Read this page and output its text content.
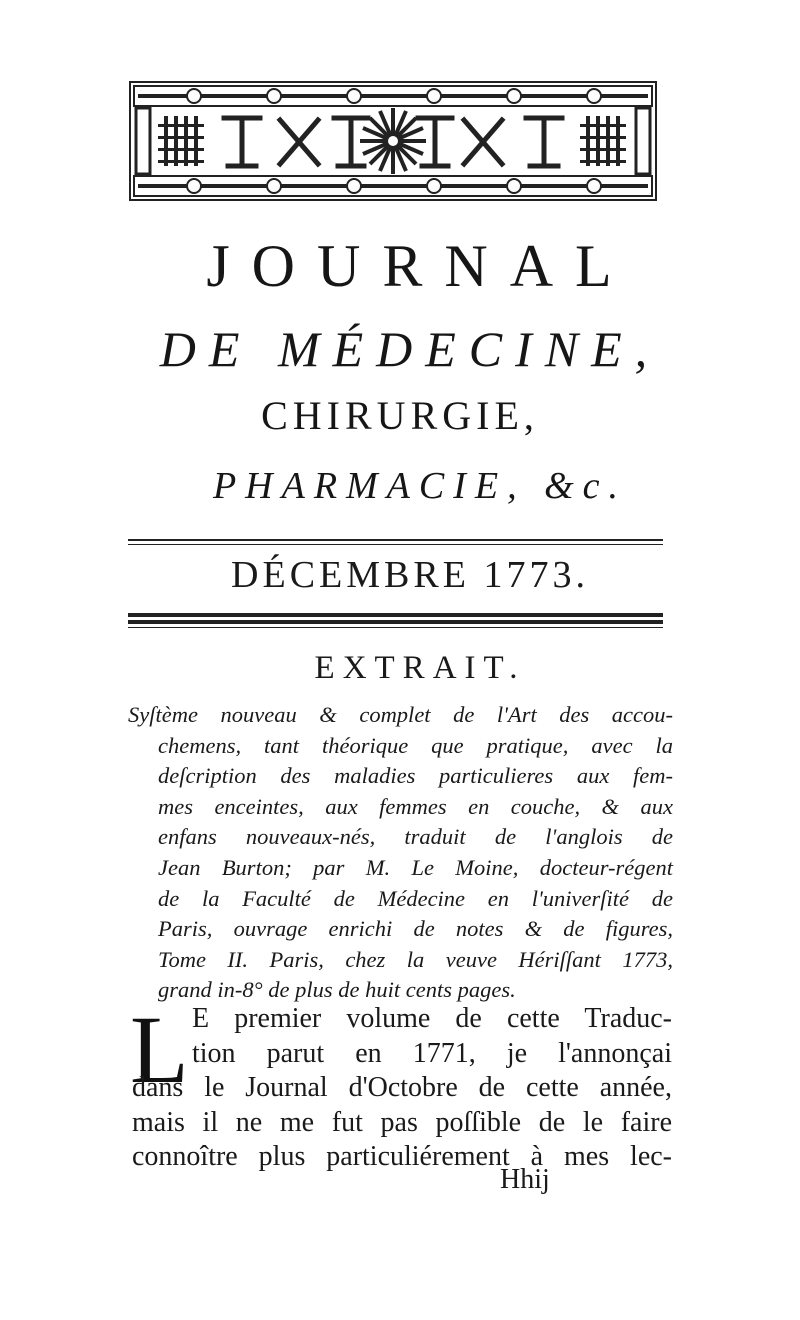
JOURNAL
DE MÉDECINE,
CHIRURGIE,
PHARMACIE, &c.
DÉCEMBRE 1773.
EXTRAIT.
Syſtème nouveau & complet de l'Art des accou-
chemens, tant théorique que pratique, avec la
deſcription des maladies particulieres aux fem-
mes enceintes, aux femmes en couche, & aux
enfans nouveaux-nés, traduit de l'anglois de
Jean Burton; par M. Le Moine, docteur-régent
de la Faculté de Médecine en l'univerſité de
Paris, ouvrage enrichi de notes & de figures,
Tome II. Paris, chez la veuve Hériſſant 1773,
grand in-8° de plus de huit cents pages.
L E premier volume de cette Traduc-
tion parut en 1771, je l'annonçai
dans le Journal d'Octobre de cette année,
mais il ne me fut pas poſſible de le faire
connoître plus particuliérement à mes lec-
Hhij
